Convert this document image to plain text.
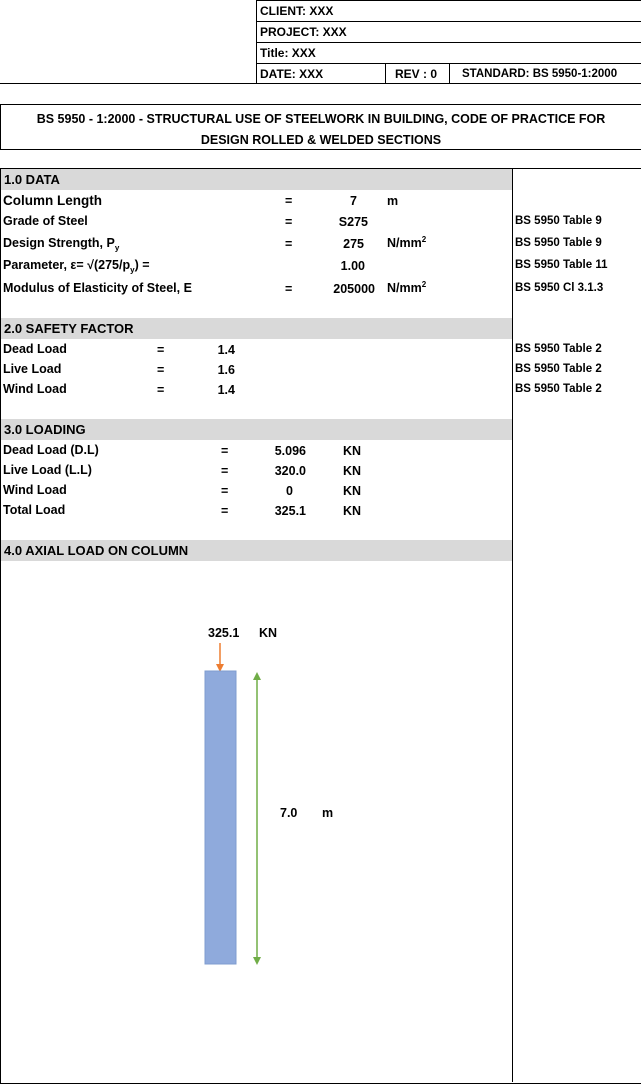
CLIENT: XXX
PROJECT: XXX
Title: XXX
DATE: XXX	REV : 0 STANDARD: BS 5950-1:2000
BS 5950 - 1:2000 - STRUCTURAL USE OF STEELWORK IN BUILDING, CODE OF PRACTICE FOR
DESIGN ROLLED & WELDED SECTIONS
1.0 DATA
Column Length	=	7 m
Grade of Steel	=	S275	BS 5950 Table 9
Design Strength, $P_y$	=	275 $N/mm^2$	BS 5950 Table 9
Parameter, $\varepsilon= √(275/p_y)$ =	1.00	BS 5950 Table 11
Modulus of Elasticity of Steel, E	=	205000 $N/mm^2$	BS 5950 Cl 3.1.3
2.0 SAFETY FACTOR
Dead Load	=	1.4	BS 5950 Table 2
Live Load	=	1.6	BS 5950 Table 2
Wind Load	=	1.4	BS 5950 Table 2
3.0 LOADING
Dead Load (D.L)	=	5.096	KN
Live Load (L.L)	=	320.0	KN
Wind Load	=	0	KN
Total Load	=	325.1	KN
4.0 AXIAL LOAD ON COLUMN
325.1 KN
7.0 m
